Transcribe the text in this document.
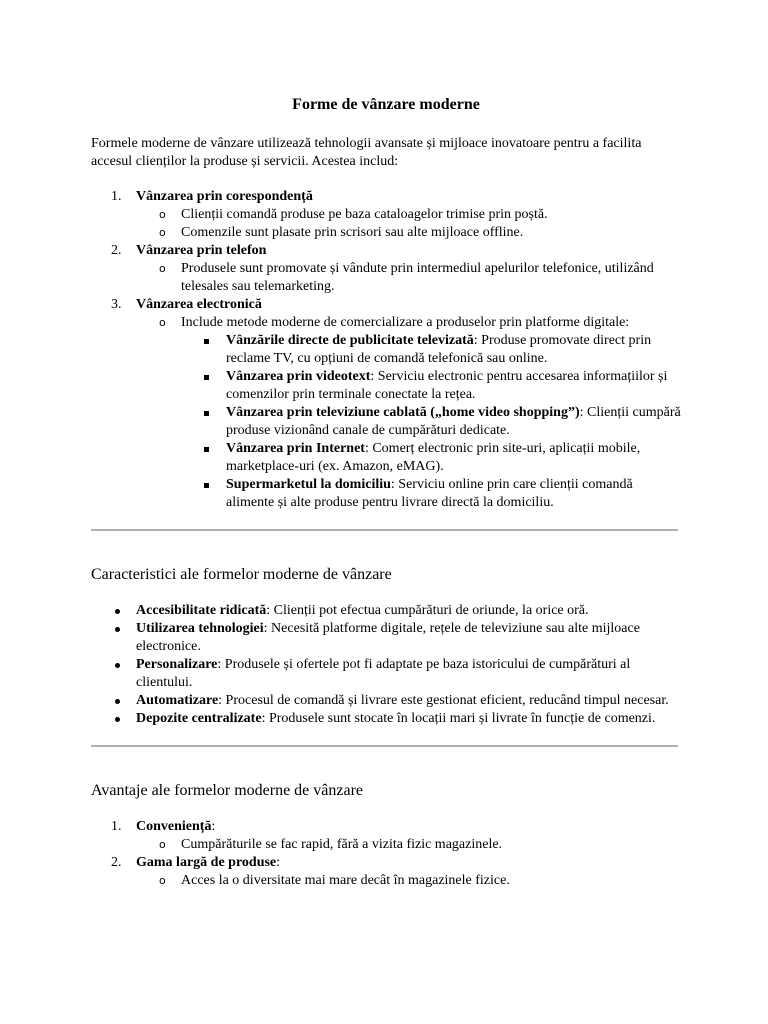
Forme de vânzare moderne

Formele moderne de vânzare utilizează tehnologii avansate și mijloace inovatoare pentru a facilita accesul clienților la produse și servicii. Acestea includ:

1.	Vânzarea prin corespondență
o Clienții comandă produse pe baza cataloagelor trimise prin poștă.
o Comenzile sunt plasate prin scrisori sau alte mijloace offline.
2.	Vânzarea prin telefon
o Produsele sunt promovate și vândute prin intermediul apelurilor telefonice, utilizând telesales sau telemarketing.
3.	Vânzarea electronică
o Include metode moderne de comercializare a produselor prin platforme digitale:
Vânzările directe de publicitate televizată: Produse promovate direct prin reclame TV, cu opțiuni de comandă telefonică sau online.
Vânzarea prin videotext: Serviciu electronic pentru accesarea informațiilor și comenzilor prin terminale conectate la rețea.
Vânzarea prin televiziune cablată („home video shopping”): Clienții cumpără produse vizionând canale de cumpărături dedicate.
Vânzarea prin Internet: Comerț electronic prin site-uri, aplicații mobile, marketplace-uri (ex. Amazon, eMAG).
Supermarketul la domiciliu: Serviciu online prin care clienții comandă alimente și alte produse pentru livrare directă la domiciliu.
Caracteristici ale formelor moderne de vânzare
Accesibilitate ridicată: Clienții pot efectua cumpărături de oriunde, la orice oră.
Utilizarea tehnologiei: Necesită platforme digitale, rețele de televiziune sau alte mijloace electronice.
Personalizare: Produsele și ofertele pot fi adaptate pe baza istoricului de cumpărături al clientului.
Automatizare: Procesul de comandă și livrare este gestionat eficient, reducând timpul necesar.
Depozite centralizate: Produsele sunt stocate în locații mari și livrate în funcție de comenzi.
Avantaje ale formelor moderne de vânzare
1.	Conveniență:
o Cumpărăturile se fac rapid, fără a vizita fizic magazinele.
2.	Gama largă de produse:
o Acces la o diversitate mai mare decât în magazinele fizice.
